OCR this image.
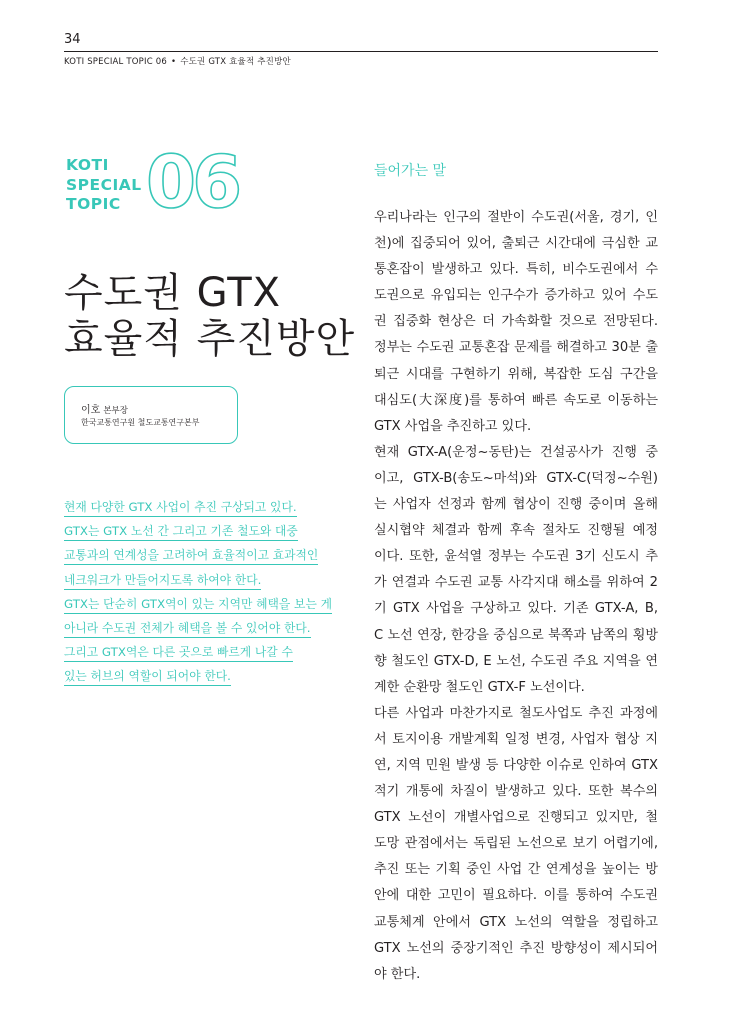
34
KOTI SPECIAL TOPIC 06 • 수도권 GTX 효율적 추진방안
KOTI
SPECIAL
TOPIC 06
수도권 GTX
효율적 추진방안
이호 본부장
한국교통연구원 철도교통연구본부
현재 다양한 GTX 사업이 추진 구상되고 있다.
GTX는 GTX 노선 간 그리고 기존 철도와 대중
교통과의 연계성을 고려하여 효율적이고 효과적인
네크워크가 만들어지도록 하여야 한다.
GTX는 단순히 GTX역이 있는 지역만 혜택을 보는 게
아니라 수도권 전체가 혜택을 볼 수 있어야 한다.
그리고 GTX역은 다른 곳으로 빠르게 나갈 수
있는 허브의 역할이 되어야 한다.
들어가는 말
우리나라는 인구의 절반이 수도권(서울, 경기, 인
천)에 집중되어 있어, 출퇴근 시간대에 극심한 교
통혼잡이 발생하고 있다. 특히, 비수도권에서 수
도권으로 유입되는 인구수가 증가하고 있어 수도
권 집중화 현상은 더 가속화할 것으로 전망된다.
정부는 수도권 교통혼잡 문제를 해결하고 30분 출
퇴근 시대를 구현하기 위해, 복잡한 도심 구간을
대심도(大深度)를 통하여 빠른 속도로 이동하는
GTX 사업을 추진하고 있다.
현재 GTX-A(운정~동탄)는 건설공사가 진행 중
이고, GTX-B(송도~마석)와 GTX-C(덕정~수원)
는 사업자 선정과 함께 협상이 진행 중이며 올해
실시협약 체결과 함께 후속 절차도 진행될 예정
이다. 또한, 윤석열 정부는 수도권 3기 신도시 추
가 연결과 수도권 교통 사각지대 해소를 위하여 2
기 GTX 사업을 구상하고 있다. 기존 GTX-A, B,
C 노선 연장, 한강을 중심으로 북쪽과 남쪽의 횡방
향 철도인 GTX-D, E 노선, 수도권 주요 지역을 연
계한 순환망 철도인 GTX-F 노선이다.
다른 사업과 마찬가지로 철도사업도 추진 과정에
서 토지이용 개발계획 일정 변경, 사업자 협상 지
연, 지역 민원 발생 등 다양한 이슈로 인하여 GTX
적기 개통에 차질이 발생하고 있다. 또한 복수의
GTX 노선이 개별사업으로 진행되고 있지만, 철
도망 관점에서는 독립된 노선으로 보기 어렵기에,
추진 또는 기획 중인 사업 간 연계성을 높이는 방
안에 대한 고민이 필요하다. 이를 통하여 수도권
교통체계 안에서 GTX 노선의 역할을 정립하고
GTX 노선의 중장기적인 추진 방향성이 제시되어
야 한다.
